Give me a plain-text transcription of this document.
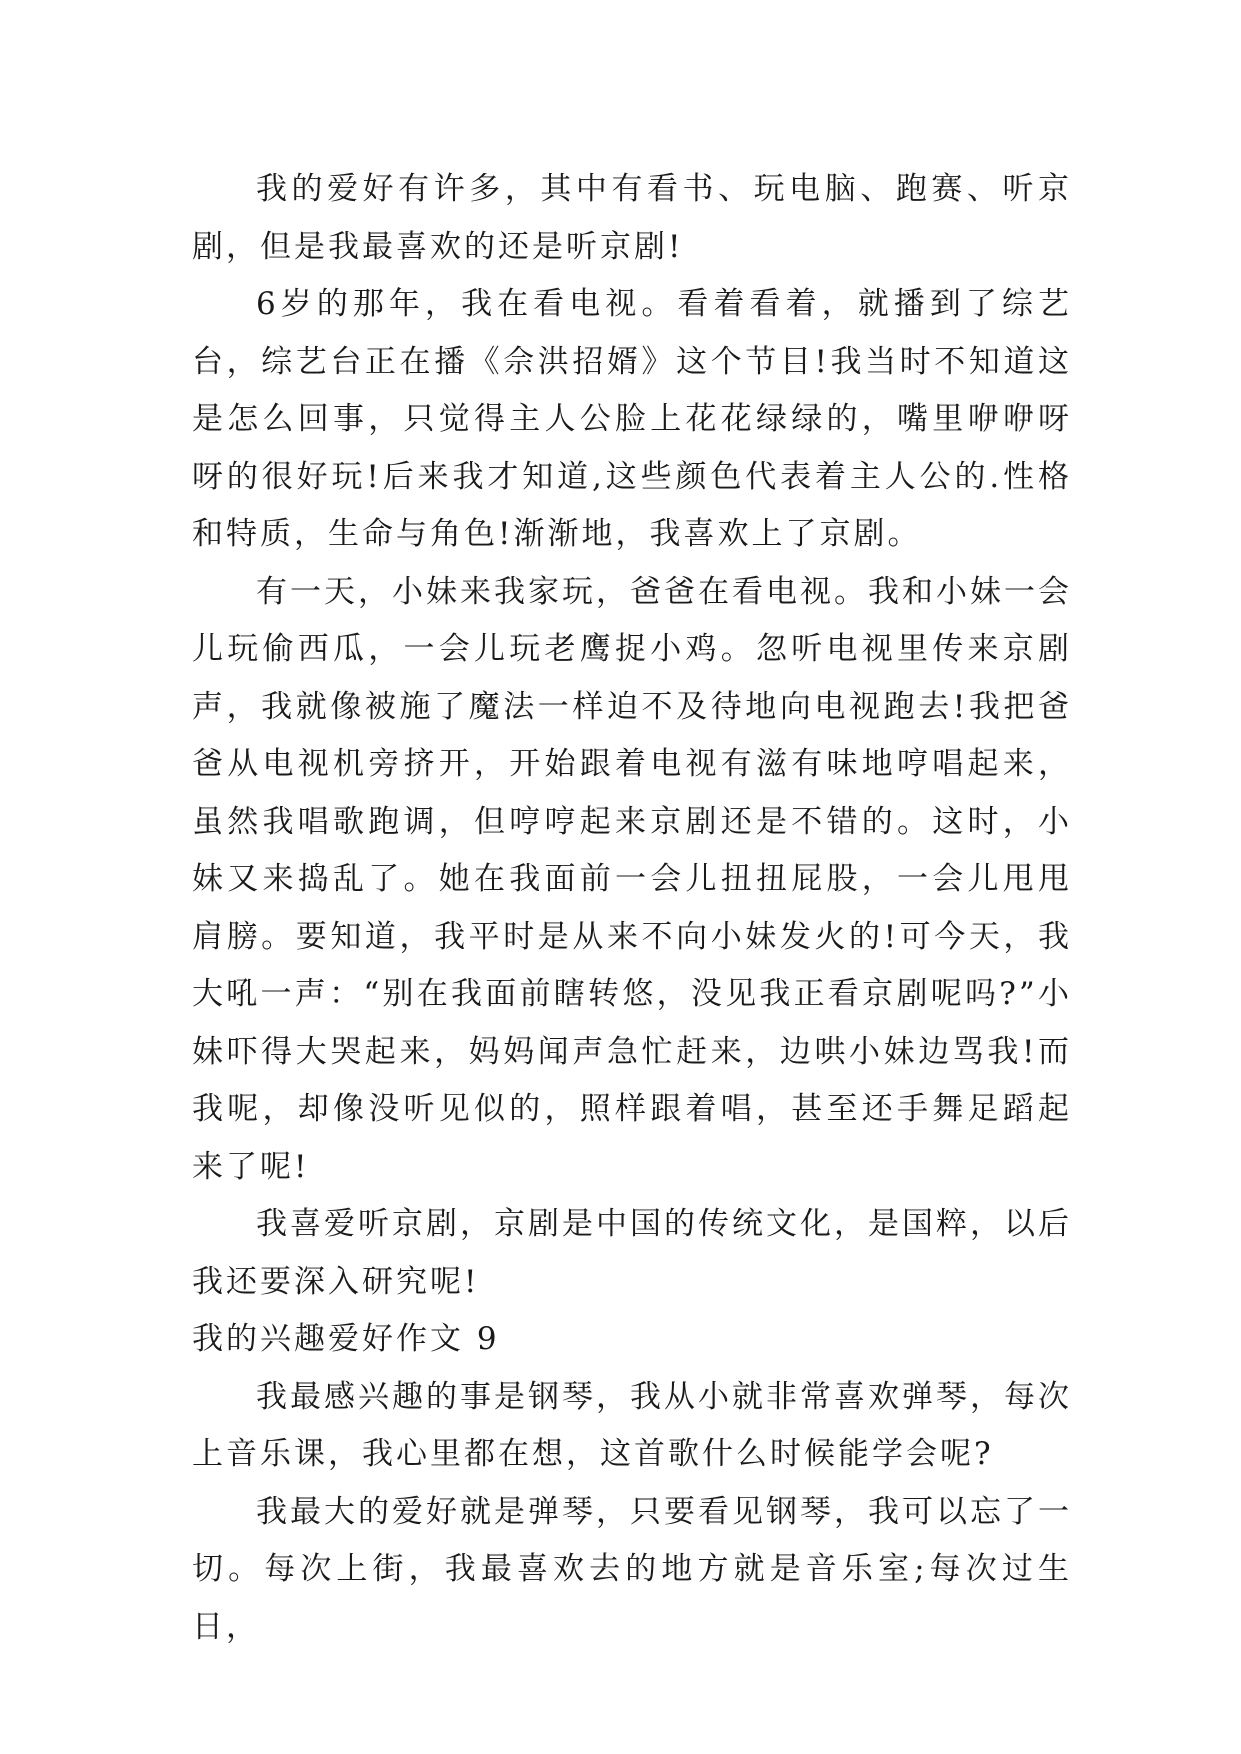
我的爱好有许多，其中有看书、玩电脑、跑赛、听京剧，但是我最喜欢的还是听京剧!

6岁的那年，我在看电视。看着看着，就播到了综艺台，综艺台正在播《佘洪招婿》这个节目!我当时不知道这是怎么回事，只觉得主人公脸上花花绿绿的，嘴里咿咿呀呀的很好玩!后来我才知道,这些颜色代表着主人公的.性格和特质，生命与角色!渐渐地，我喜欢上了京剧。

有一天，小妹来我家玩，爸爸在看电视。我和小妹一会儿玩偷西瓜，一会儿玩老鹰捉小鸡。忽听电视里传来京剧声，我就像被施了魔法一样迫不及待地向电视跑去!我把爸爸从电视机旁挤开，开始跟着电视有滋有味地哼唱起来，虽然我唱歌跑调，但哼哼起来京剧还是不错的。这时，小妹又来捣乱了。她在我面前一会儿扭扭屁股，一会儿甩甩肩膀。要知道，我平时是从来不向小妹发火的!可今天，我大吼一声：“别在我面前瞎转悠，没见我正看京剧呢吗?”小妹吓得大哭起来，妈妈闻声急忙赶来，边哄小妹边骂我!而我呢，却像没听见似的，照样跟着唱，甚至还手舞足蹈起来了呢!

我喜爱听京剧，京剧是中国的传统文化，是国粹，以后我还要深入研究呢!

我的兴趣爱好作文 9

我最感兴趣的事是钢琴，我从小就非常喜欢弹琴，每次上音乐课，我心里都在想，这首歌什么时候能学会呢?

我最大的爱好就是弹琴，只要看见钢琴，我可以忘了一切。每次上街，我最喜欢去的地方就是音乐室;每次过生日，
